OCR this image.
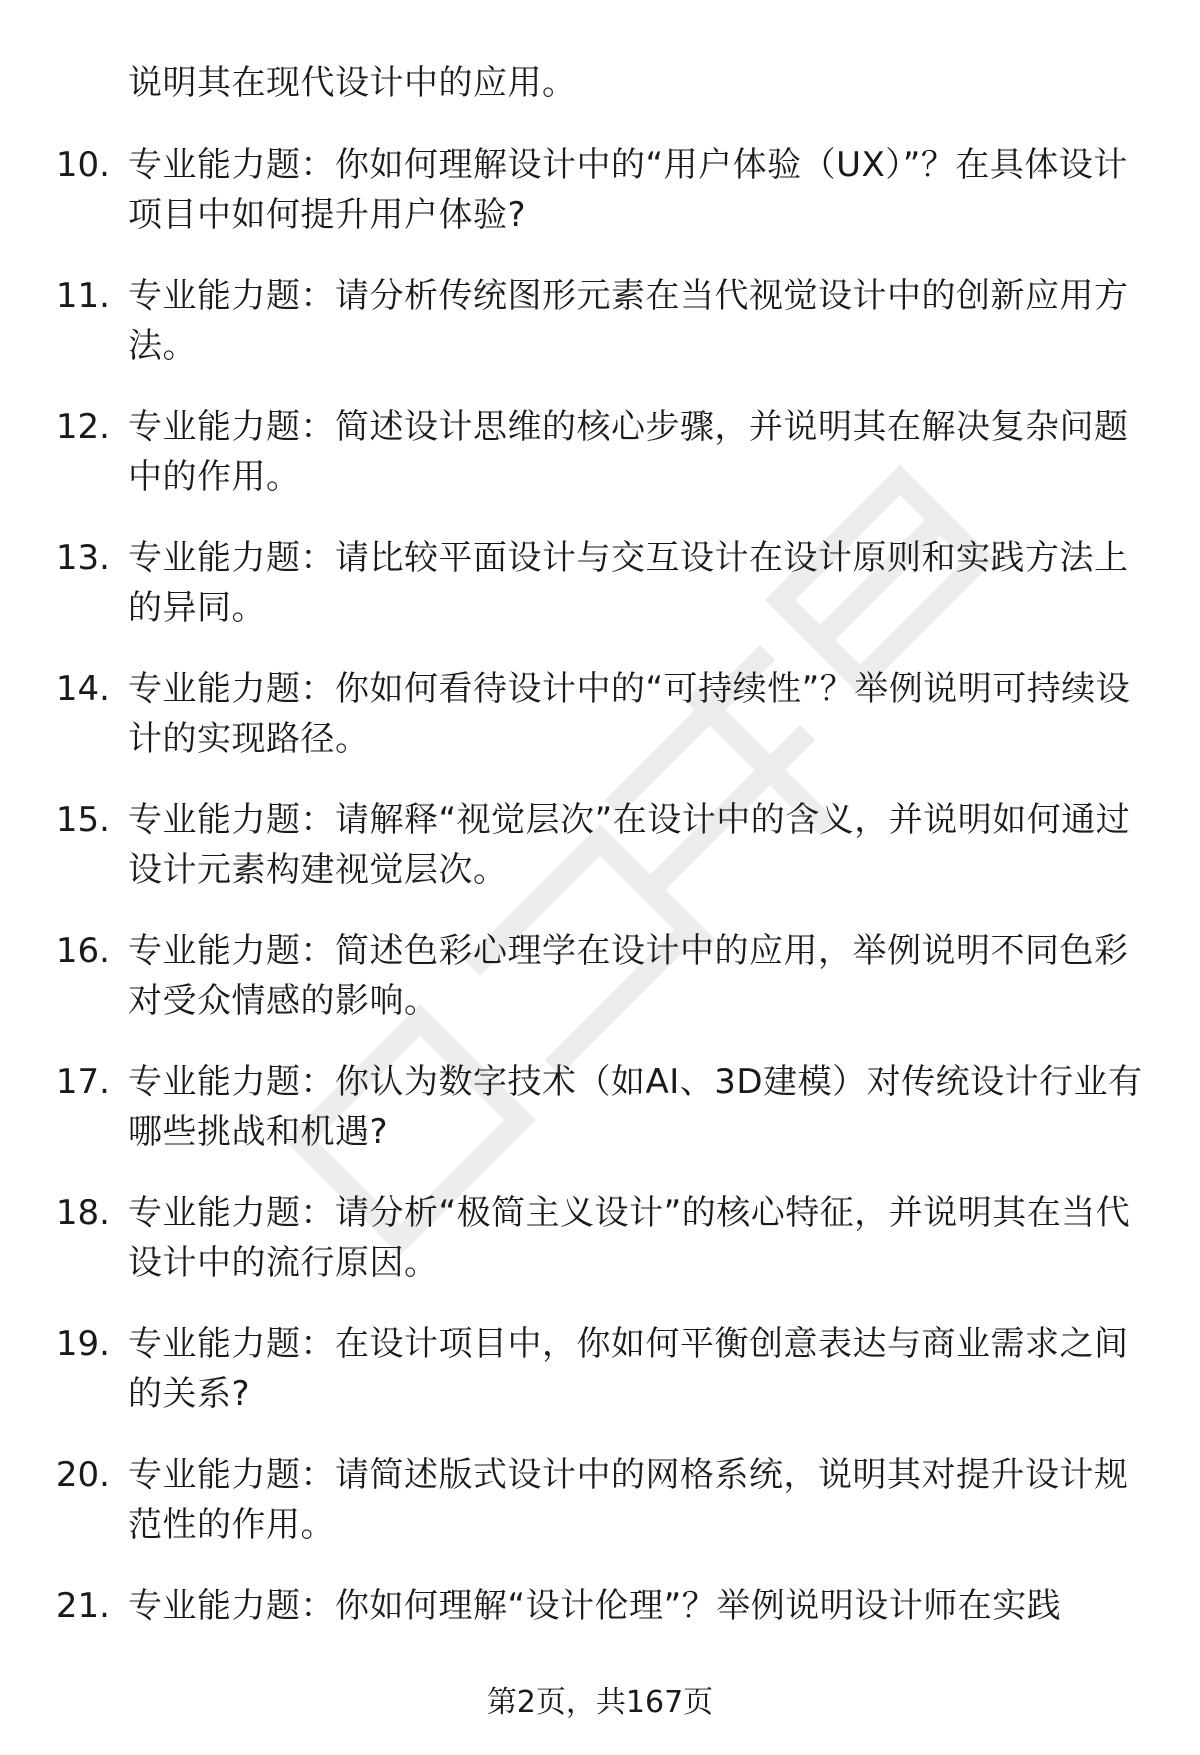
说明其在现代设计中的应用。
10. 专业能力题：你如何理解设计中的“用户体验（UX）”？在具体设计项目中如何提升用户体验?
11. 专业能力题：请分析传统图形元素在当代视觉设计中的创新应用方法。
12. 专业能力题：简述设计思维的核心步骤，并说明其在解决复杂问题中的作用。
13. 专业能力题：请比较平面设计与交互设计在设计原则和实践方法上的异同。
14. 专业能力题：你如何看待设计中的“可持续性”？举例说明可持续设计的实现路径。
15. 专业能力题：请解释“视觉层次”在设计中的含义，并说明如何通过设计元素构建视觉层次。
16. 专业能力题：简述色彩心理学在设计中的应用，举例说明不同色彩对受众情感的影响。
17. 专业能力题：你认为数字技术（如AI、3D建模）对传统设计行业有哪些挑战和机遇?
18. 专业能力题：请分析“极简主义设计”的核心特征，并说明其在当代设计中的流行原因。
19. 专业能力题：在设计项目中，你如何平衡创意表达与商业需求之间的关系?
20. 专业能力题：请简述版式设计中的网格系统，说明其对提升设计规范性的作用。
21. 专业能力题：你如何理解“设计伦理”？举例说明设计师在实践
第2页，共167页
